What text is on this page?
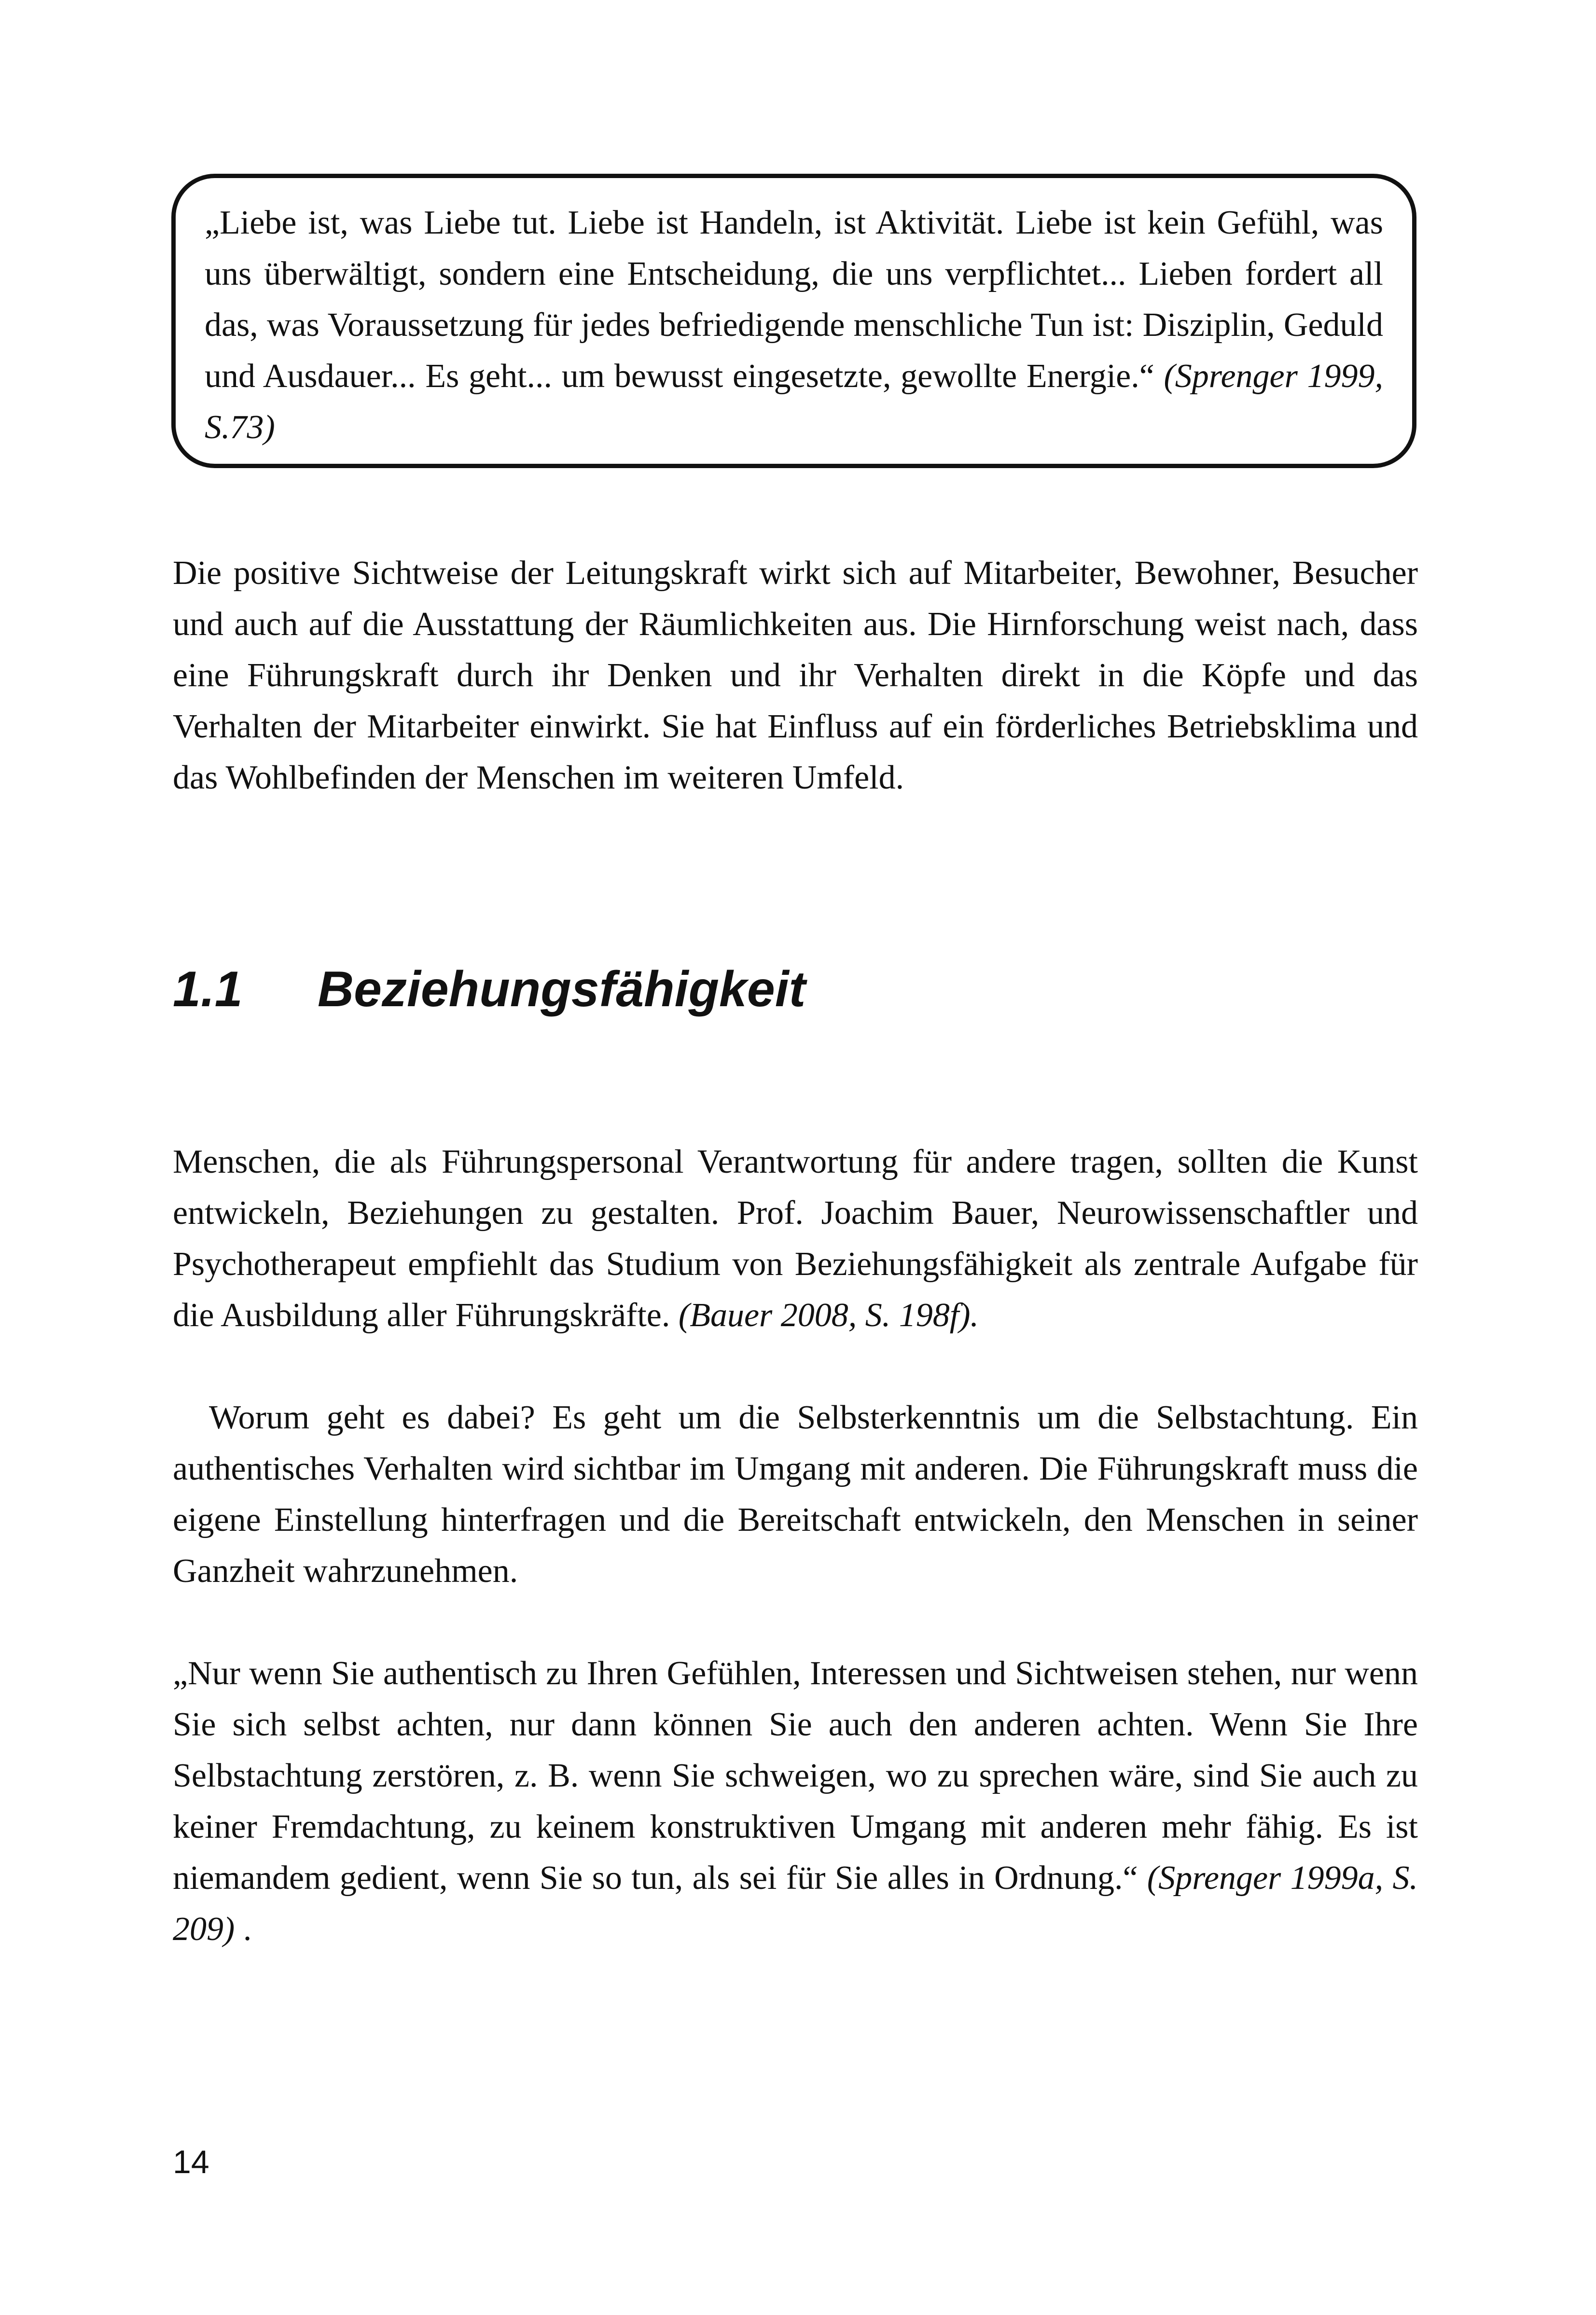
„Liebe ist, was Liebe tut. Liebe ist Handeln, ist Aktivität. Liebe ist kein Gefühl, was uns überwältigt, sondern eine Entscheidung, die uns verpflichtet... Lieben fordert all das, was Voraussetzung für jedes befriedigende menschliche Tun ist: Disziplin, Geduld und Ausdauer... Es geht... um bewusst eingesetzte, gewollte Energie.“ (Sprenger 1999, S.73)

Die positive Sichtweise der Leitungskraft wirkt sich auf Mitarbeiter, Bewohner, Besucher und auch auf die Ausstattung der Räumlichkeiten aus. Die Hirnforschung weist nach, dass eine Führungskraft durch ihr Denken und ihr Verhalten direkt in die Köpfe und das Verhalten der Mitarbeiter einwirkt. Sie hat Einfluss auf ein förderliches Betriebsklima und das Wohlbefinden der Menschen im weiteren Umfeld.

1.1 Beziehungsfähigkeit

Menschen, die als Führungspersonal Verantwortung für andere tragen, sollten die Kunst entwickeln, Beziehungen zu gestalten. Prof. Joachim Bauer, Neurowissenschaftler und Psychotherapeut empfiehlt das Studium von Beziehungsfähigkeit als zentrale Aufgabe für die Ausbildung aller Führungskräfte. (Bauer 2008, S. 198f).

Worum geht es dabei? Es geht um die Selbsterkenntnis um die Selbstachtung. Ein authentisches Verhalten wird sichtbar im Umgang mit anderen. Die Führungskraft muss die eigene Einstellung hinterfragen und die Bereitschaft entwickeln, den Menschen in seiner Ganzheit wahrzunehmen.

„Nur wenn Sie authentisch zu Ihren Gefühlen, Interessen und Sichtweisen stehen, nur wenn Sie sich selbst achten, nur dann können Sie auch den anderen achten. Wenn Sie Ihre Selbstachtung zerstören, z. B. wenn Sie schweigen, wo zu sprechen wäre, sind Sie auch zu keiner Fremdachtung, zu keinem konstruktiven Umgang mit anderen mehr fähig. Es ist niemandem gedient, wenn Sie so tun, als sei für Sie alles in Ordnung.“ (Sprenger 1999a, S. 209) .

14
